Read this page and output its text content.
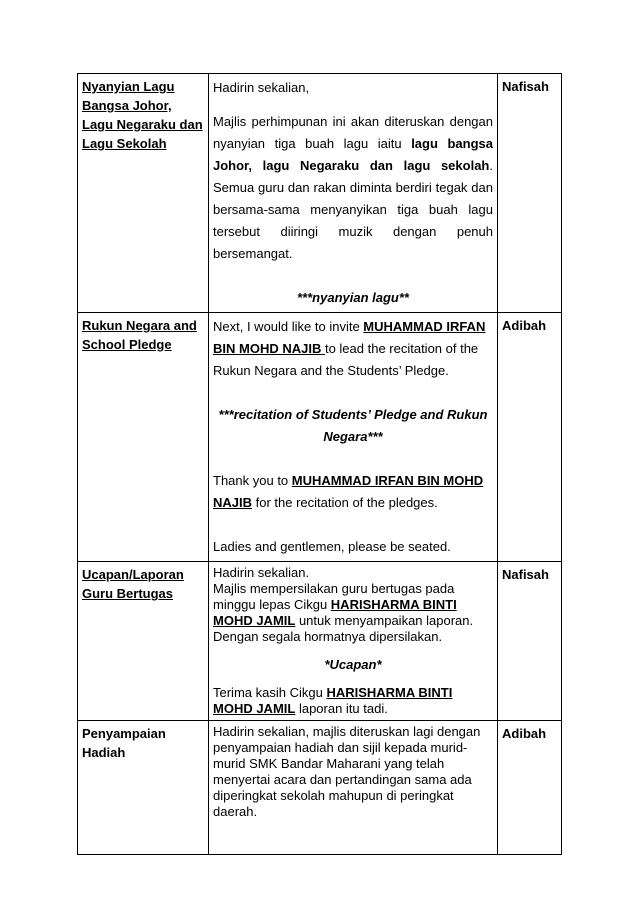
Nyanyian Lagu Bangsa Johor, Lagu Negaraku dan Lagu Sekolah	Hadirin sekalian,

Majlis perhimpunan ini akan diteruskan dengan nyanyian tiga buah lagu iaitu lagu bangsa Johor, lagu Negaraku dan lagu sekolah. Semua guru dan rakan diminta berdiri tegak dan bersama-sama menyanyikan tiga buah lagu tersebut diiringi muzik dengan penuh bersemangat.

***nyanyian lagu**	Nafisah

Rukun Negara and School Pledge	Next, I would like to invite MUHAMMAD IRFAN BIN MOHD NAJIB to lead the recitation of the Rukun Negara and the Students’ Pledge.

***recitation of Students’ Pledge and Rukun Negara***

Thank you to MUHAMMAD IRFAN BIN MOHD NAJIB for the recitation of the pledges.

Ladies and gentlemen, please be seated.	Adibah

Ucapan/Laporan Guru Bertugas	Hadirin sekalian.

Majlis mempersilakan guru bertugas pada minggu lepas Cikgu HARISHARMA BINTI MOHD JAMIL untuk menyampaikan laporan. Dengan segala hormatnya dipersilakan.

*Ucapan*

Terima kasih Cikgu HARISHARMA BINTI MOHD JAMIL laporan itu tadi.	Nafisah

Penyampaian Hadiah	Hadirin sekalian, majlis diteruskan lagi dengan penyampaian hadiah dan sijil kepada murid-murid SMK Bandar Maharani yang telah menyertai acara dan pertandingan sama ada diperingkat sekolah mahupun di peringkat daerah.	Adibah
